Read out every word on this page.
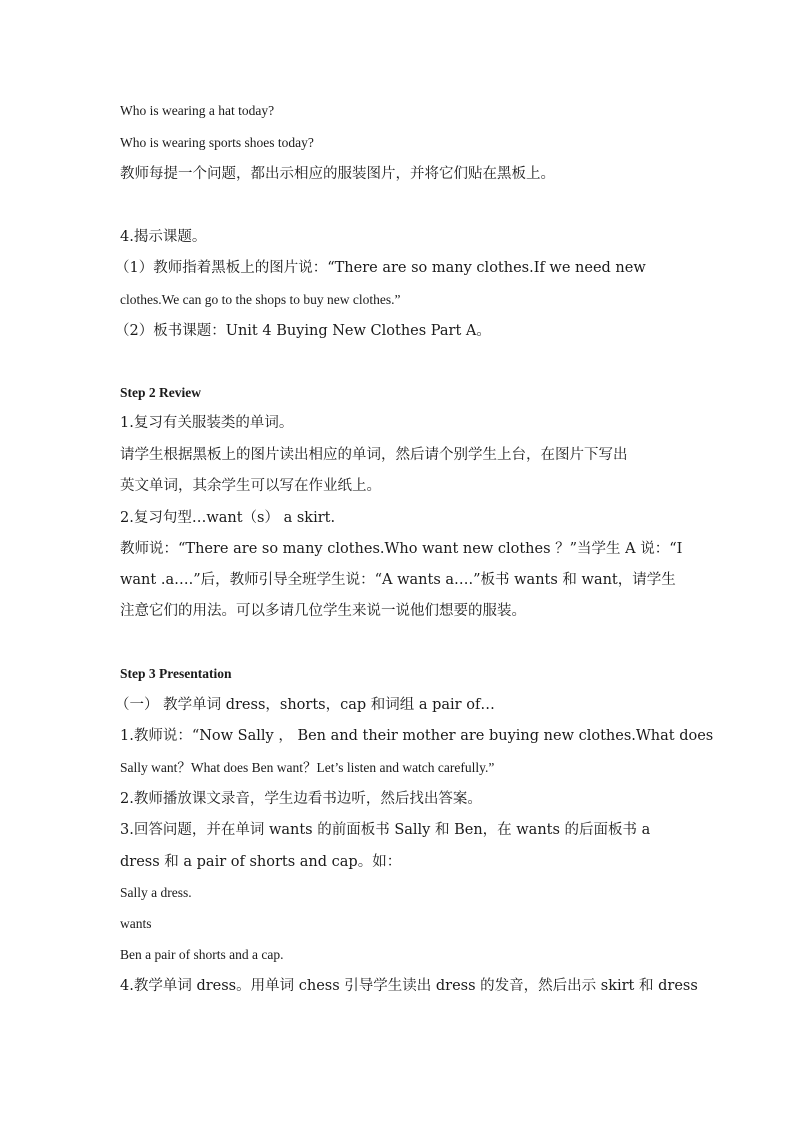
Who is wearing a hat today?
Who is wearing sports shoes today?
教师每提一个问题，都出示相应的服装图片，并将它们贴在黑板上。
4.揭示课题。
（1）教师指着黑板上的图片说：“There are so many clothes.If we need new
clothes.We can go to the shops to buy new clothes.”
（2）板书课题：Unit 4 Buying New Clothes Part A。
Step 2 Review
1.复习有关服装类的单词。
请学生根据黑板上的图片读出相应的单词，然后请个别学生上台，在图片下写出
英文单词，其余学生可以写在作业纸上。
2.复习句型…want（s） a skirt.
教师说：“There are so many clothes.Who want new clothes ？”当学生 A 说：“I
want .a….”后，教师引导全班学生说：“A wants a….”板书 wants 和 want，请学生
注意它们的用法。可以多请几位学生来说一说他们想要的服装。
Step 3 Presentation
（一） 教学单词 dress，shorts，cap 和词组 a pair of…
1.教师说：“Now Sally ， Ben and their mother are buying new clothes.What does
Sally want？What does Ben want？Let’s listen and watch carefully.”
2.教师播放课文录音，学生边看书边听，然后找出答案。
3.回答问题，并在单词 wants 的前面板书 Sally 和 Ben，在 wants 的后面板书 a
dress 和 a pair of shorts and cap。如：
Sally a dress.
wants
Ben a pair of shorts and a cap.
4.教学单词 dress。用单词 chess 引导学生读出 dress 的发音，然后出示 skirt 和 dress
